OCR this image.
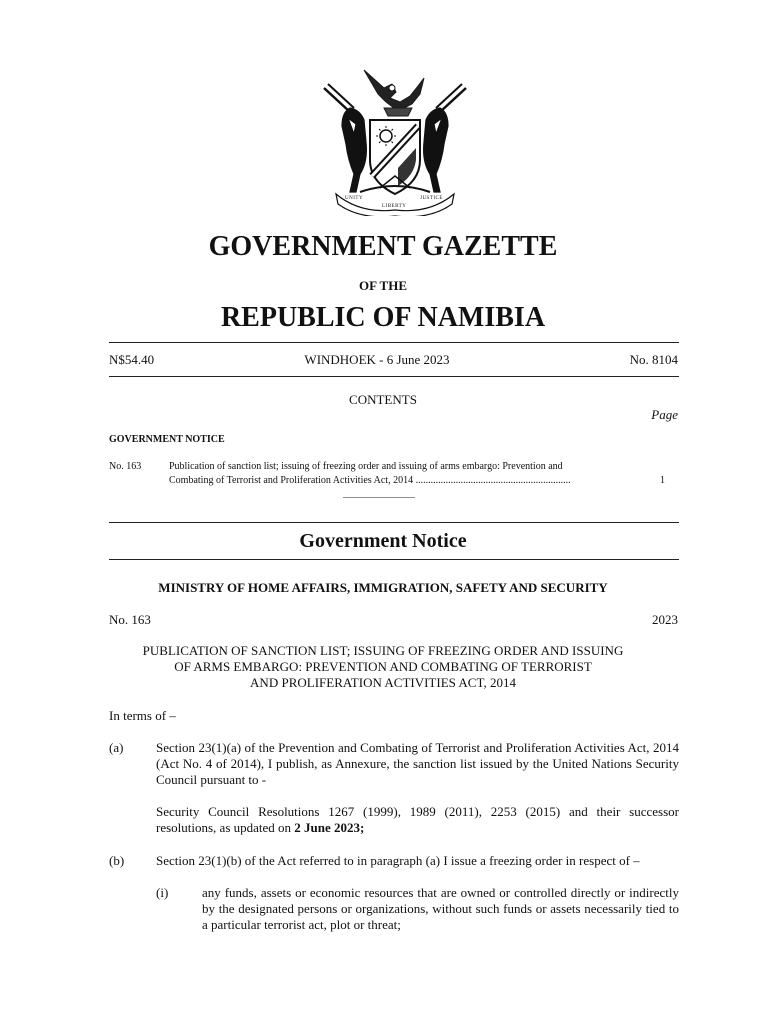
UNITY
LIBERTY
JUSTICE
GOVERNMENT GAZETTE
OF THE
REPUBLIC OF NAMIBIA
N$54.40	WINDHOEK - 6 June 2023	No. 8104
CONTENTS
Page
GOVERNMENT NOTICE
No. 163	Publication of sanction list; issuing of freezing order and issuing of arms embargo: Prevention and
Combating of Terrorist and Proliferation Activities Act, 2014 ..............................................................	1
________________
Government Notice
MINISTRY OF HOME AFFAIRS, IMMIGRATION, SAFETY AND SECURITY
No. 163	2023
PUBLICATION OF SANCTION LIST; ISSUING OF FREEZING ORDER AND ISSUING
OF ARMS EMBARGO: PREVENTION AND COMBATING OF TERRORIST
AND PROLIFERATION ACTIVITIES ACT, 2014
In terms of –
(a)	Section 23(1)(a) of the Prevention and Combating of Terrorist and Proliferation Activities Act, 2014 (Act No. 4 of 2014), I publish, as Annexure, the sanction list issued by the United Nations Security Council pursuant to -
Security Council Resolutions 1267 (1999), 1989 (2011), 2253 (2015) and their successor resolutions, as updated on 2 June 2023;
(b) Section 23(1)(b) of the Act referred to in paragraph (a) I issue a freezing order in respect of –
(i)	any funds, assets or economic resources that are owned or controlled directly or indirectly by the designated persons or organizations, without such funds or assets necessarily tied to a particular terrorist act, plot or threat;
